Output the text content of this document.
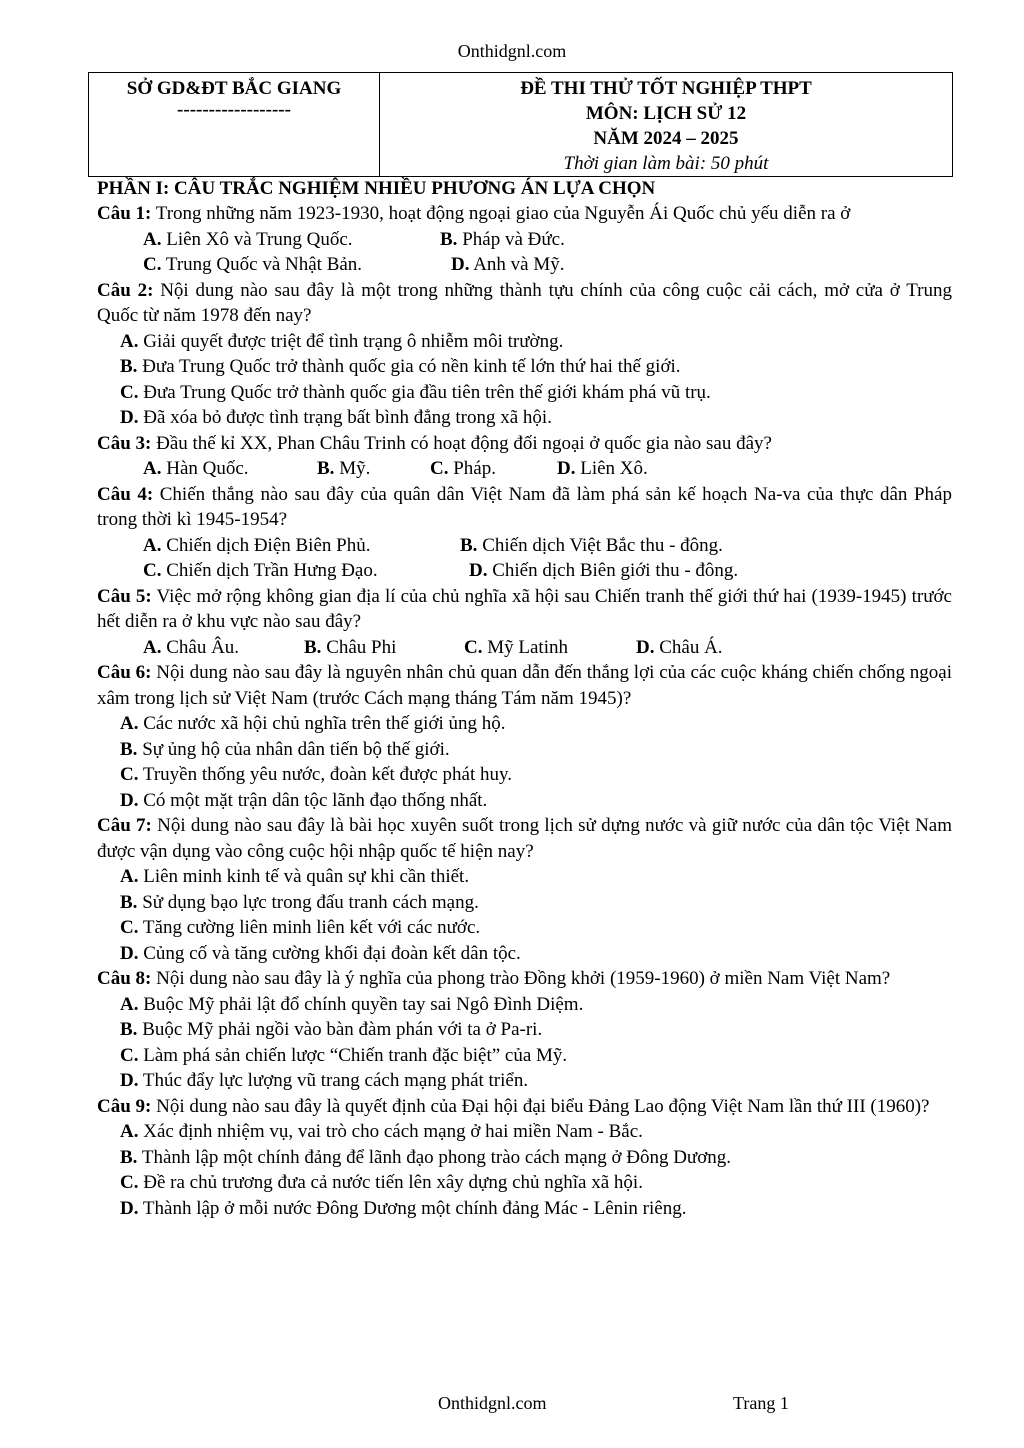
Onthidgnl.com
SỞ GD&ĐT BẮC GIANG
------------------

ĐỀ THI THỬ TỐT NGHIỆP THPT
MÔN: LỊCH SỬ 12
NĂM 2024 – 2025
Thời gian làm bài: 50 phút
PHẦN I: CÂU TRẮC NGHIỆM NHIỀU PHƯƠNG ÁN LỰA CHỌN
Câu 1: Trong những năm 1923-1930, hoạt động ngoại giao của Nguyễn Ái Quốc chủ yếu diễn ra ở
A. Liên Xô và Trung Quốc.	B. Pháp và Đức.
C. Trung Quốc và Nhật Bản.	D. Anh và Mỹ.
Câu 2: Nội dung nào sau đây là một trong những thành tựu chính của công cuộc cải cách, mở cửa ở Trung Quốc từ năm 1978 đến nay?
A. Giải quyết được triệt để tình trạng ô nhiễm môi trường.
B. Đưa Trung Quốc trở thành quốc gia có nền kinh tế lớn thứ hai thế giới.
C. Đưa Trung Quốc trở thành quốc gia đầu tiên trên thế giới khám phá vũ trụ.
D. Đã xóa bỏ được tình trạng bất bình đẳng trong xã hội.
Câu 3: Đầu thế kỉ XX, Phan Châu Trinh có hoạt động đối ngoại ở quốc gia nào sau đây?
A. Hàn Quốc.	B. Mỹ.	C. Pháp.	D. Liên Xô.
Câu 4: Chiến thắng nào sau đây của quân dân Việt Nam đã làm phá sản kế hoạch Na-va của thực dân Pháp trong thời kì 1945-1954?
A. Chiến dịch Điện Biên Phủ.	B. Chiến dịch Việt Bắc thu - đông.
C. Chiến dịch Trần Hưng Đạo.	D. Chiến dịch Biên giới thu - đông.
Câu 5: Việc mở rộng không gian địa lí của chủ nghĩa xã hội sau Chiến tranh thế giới thứ hai (1939-1945) trước hết diễn ra ở khu vực nào sau đây?
A. Châu Âu.	B. Châu Phi	C. Mỹ Latinh	D. Châu Á.
Câu 6: Nội dung nào sau đây là nguyên nhân chủ quan dẫn đến thắng lợi của các cuộc kháng chiến chống ngoại xâm trong lịch sử Việt Nam (trước Cách mạng tháng Tám năm 1945)?
A. Các nước xã hội chủ nghĩa trên thế giới ủng hộ.
B. Sự ủng hộ của nhân dân tiến bộ thế giới.
C. Truyền thống yêu nước, đoàn kết được phát huy.
D. Có một mặt trận dân tộc lãnh đạo thống nhất.
Câu 7: Nội dung nào sau đây là bài học xuyên suốt trong lịch sử dựng nước và giữ nước của dân tộc Việt Nam được vận dụng vào công cuộc hội nhập quốc tế hiện nay?
A. Liên minh kinh tế và quân sự khi cần thiết.
B. Sử dụng bạo lực trong đấu tranh cách mạng.
C. Tăng cường liên minh liên kết với các nước.
D. Củng cố và tăng cường khối đại đoàn kết dân tộc.
Câu 8: Nội dung nào sau đây là ý nghĩa của phong trào Đồng khởi (1959-1960) ở miền Nam Việt Nam?
A. Buộc Mỹ phải lật đổ chính quyền tay sai Ngô Đình Diệm.
B. Buộc Mỹ phải ngồi vào bàn đàm phán với ta ở Pa-ri.
C. Làm phá sản chiến lược “Chiến tranh đặc biệt” của Mỹ.
D. Thúc đẩy lực lượng vũ trang cách mạng phát triển.
Câu 9: Nội dung nào sau đây là quyết định của Đại hội đại biểu Đảng Lao động Việt Nam lần thứ III (1960)?
A. Xác định nhiệm vụ, vai trò cho cách mạng ở hai miền Nam - Bắc.
B. Thành lập một chính đảng để lãnh đạo phong trào cách mạng ở Đông Dương.
C. Đề ra chủ trương đưa cả nước tiến lên xây dựng chủ nghĩa xã hội.
D. Thành lập ở mỗi nước Đông Dương một chính đảng Mác - Lênin riêng.
Onthidgnl.com	Trang 1
